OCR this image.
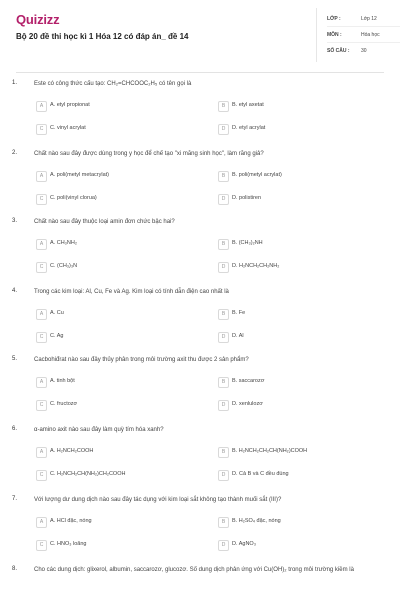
Quizizz
Bộ 20 đề thi học kì 1 Hóa 12 có đáp án_ đề 14
LỚP :	Lớp 12
MÔN :	Hóa học
SỐ CÂU : 30
1.	Este có công thức cấu tạo: CH₂=CHCOOC₂H₅ có tên gọi là
A	A. etyl propionat	B	B. etyl axetat
C	C. vinyl acrylat	D	D. etyl acrylat
2.	Chất nào sau đây được dùng trong y học để chế tạo "xi măng sinh học", làm răng giả?
A	A. poli(metyl metacrylat)	B	B. poli(metyl acrylat)
C	C. poli(vinyl clorua)	D	D. polistiren
3.	Chất nào sau đây thuộc loại amin đơn chức bậc hai?
A	A. CH₃NH₂	B	B. (CH₃)₂NH
C	C. (CH₃)₃N	D	D. H₂NCH₂CH₂NH₂
4.	Trong các kim loại: Al, Cu, Fe và Ag. Kim loại có tính dẫn điện cao nhất là
A	A. Cu	B	B. Fe
C	C. Ag	D	D. Al
5.	Cacbohiđrat nào sau đây thủy phân trong môi trường axit thu được 2 sản phẩm?
A	A. tinh bột	B	B. saccarozơ
C	C. fructozơ	D	D. xenlulozơ
6.	α-amino axit nào sau đây làm quỳ tím hóa xanh?
A	A. H₂NCH₂COOH	B	B. H₂NCH₂CH₂CH(NH₂)COOH
C	C. H₂NCH₂CH(NH₂)CH₂COOH	D	D. Cả B và C đều đúng
7.	Với lượng dư dung dịch nào sau đây tác dụng với kim loại sắt không tạo thành muối sắt (III)?
A	A. HCl đặc, nóng	B	B. H₂SO₄ đặc, nóng
C	C. HNO₃ loãng	D	D. AgNO₃
8.	Cho các dung dịch: glixerol, albumin, saccarozơ, glucozơ. Số dung dịch phản ứng với Cu(OH)₂ trong môi trường kiềm là
